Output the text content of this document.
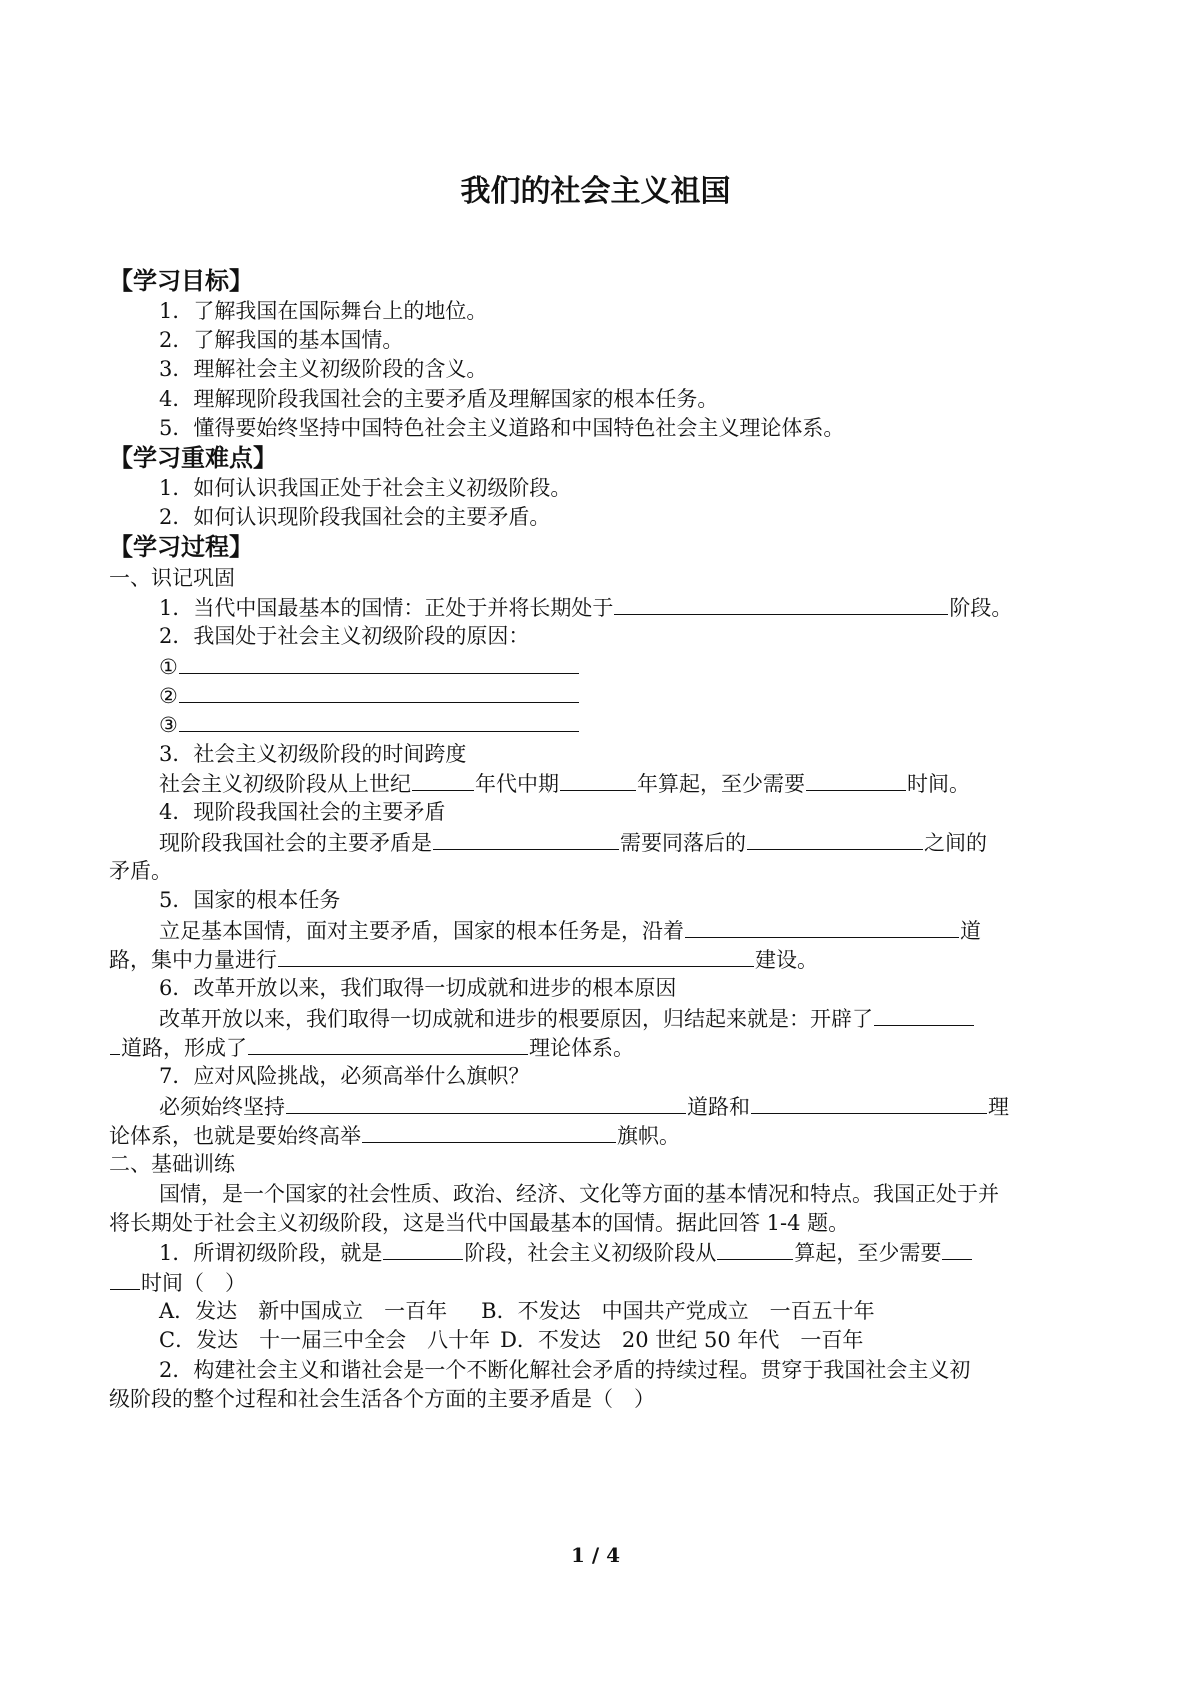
我们的社会主义祖国
【学习目标】
1．了解我国在国际舞台上的地位。
2．了解我国的基本国情。
3．理解社会主义初级阶段的含义。
4．理解现阶段我国社会的主要矛盾及理解国家的根本任务。
5．懂得要始终坚持中国特色社会主义道路和中国特色社会主义理论体系。
【学习重难点】
1．如何认识我国正处于社会主义初级阶段。
2．如何认识现阶段我国社会的主要矛盾。
【学习过程】
一、识记巩固
1．当代中国最基本的国情：正处于并将长期处于	阶段。
2．我国处于社会主义初级阶段的原因：
①
②
③
3．社会主义初级阶段的时间跨度
社会主义初级阶段从上世纪	年代中期	年算起，至少需要	时间。
4．现阶段我国社会的主要矛盾
现阶段我国社会的主要矛盾是	需要同落后的	之间的
矛盾。
5．国家的根本任务
立足基本国情，面对主要矛盾，国家的根本任务是，沿着	道
路，集中力量进行	建设。
6．改革开放以来，我们取得一切成就和进步的根本原因
改革开放以来，我们取得一切成就和进步的根要原因，归结起来就是：开辟了
道路，形成了	理论体系。
7．应对风险挑战，必须高举什么旗帜？
必须始终坚持	道路和	理
论体系，也就是要始终高举	旗帜。
二、基础训练
国情，是一个国家的社会性质、政治、经济、文化等方面的基本情况和特点。我国正处于并
将长期处于社会主义初级阶段，这是当代中国最基本的国情。据此回答 1-4 题。
1．所谓初级阶段，就是	阶段，社会主义初级阶段从	算起，至少需要
时间（　）
A．发达　新中国成立　一百年 B．不发达　中国共产党成立　一百五十年
C．发达　十一届三中全会　八十年 D．不发达　20 世纪 50 年代　一百年
2．构建社会主义和谐社会是一个不断化解社会矛盾的持续过程。贯穿于我国社会主义初
级阶段的整个过程和社会生活各个方面的主要矛盾是（　）
1 / 4
